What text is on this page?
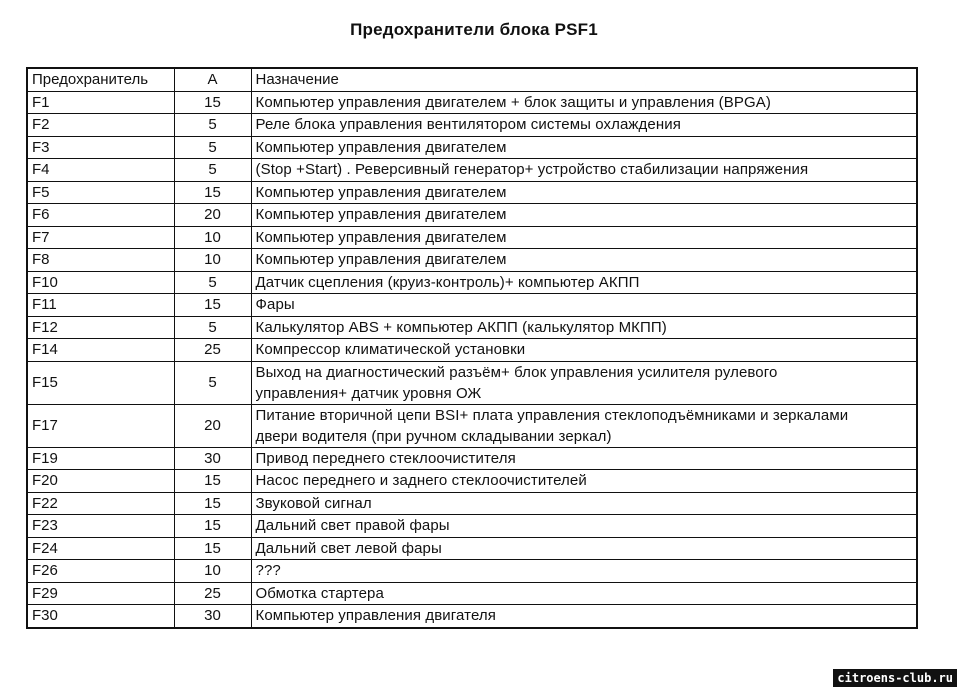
Предохранители блока PSF1
Предохранитель	А	Назначение
F1	15	Компьютер управления двигателем + блок защиты и управления (BPGA)

F2	5	Реле блока управления вентилятором системы охлаждения

F3	5	Компьютер управления двигателем

F4	5	(Stop +Start) . Реверсивный генератор+ устройство стабилизации напряжения

F5	15	Компьютер управления двигателем

F6	20	Компьютер управления двигателем

F7	10	Компьютер управления двигателем

F8	10	Компьютер управления двигателем

F10	5	Датчик сцепления (круиз-контроль)+ компьютер АКПП

F11	15	Фары

F12	5	Калькулятор ABS + компьютер АКПП (калькулятор МКПП)

F14	25	Компрессор климатической установки

F15	5	Выход на диагностический разъём+ блок управления усилителя рулевого
управления+ датчик уровня ОЖ

F17	20	Питание вторичной цепи BSI+ плата управления стеклоподъёмниками и зеркалами
двери водителя (при ручном складывании зеркал)

F19	30	Привод переднего стеклоочистителя

F20	15	Насос переднего и заднего стеклоочистителей

F22	15	Звуковой сигнал

F23	15	Дальний свет правой фары

F24	15	Дальний свет левой фары

F26	10	???

F29	25	Обмотка стартера

F30	30	Компьютер управления двигателя
citroens-club.ru
